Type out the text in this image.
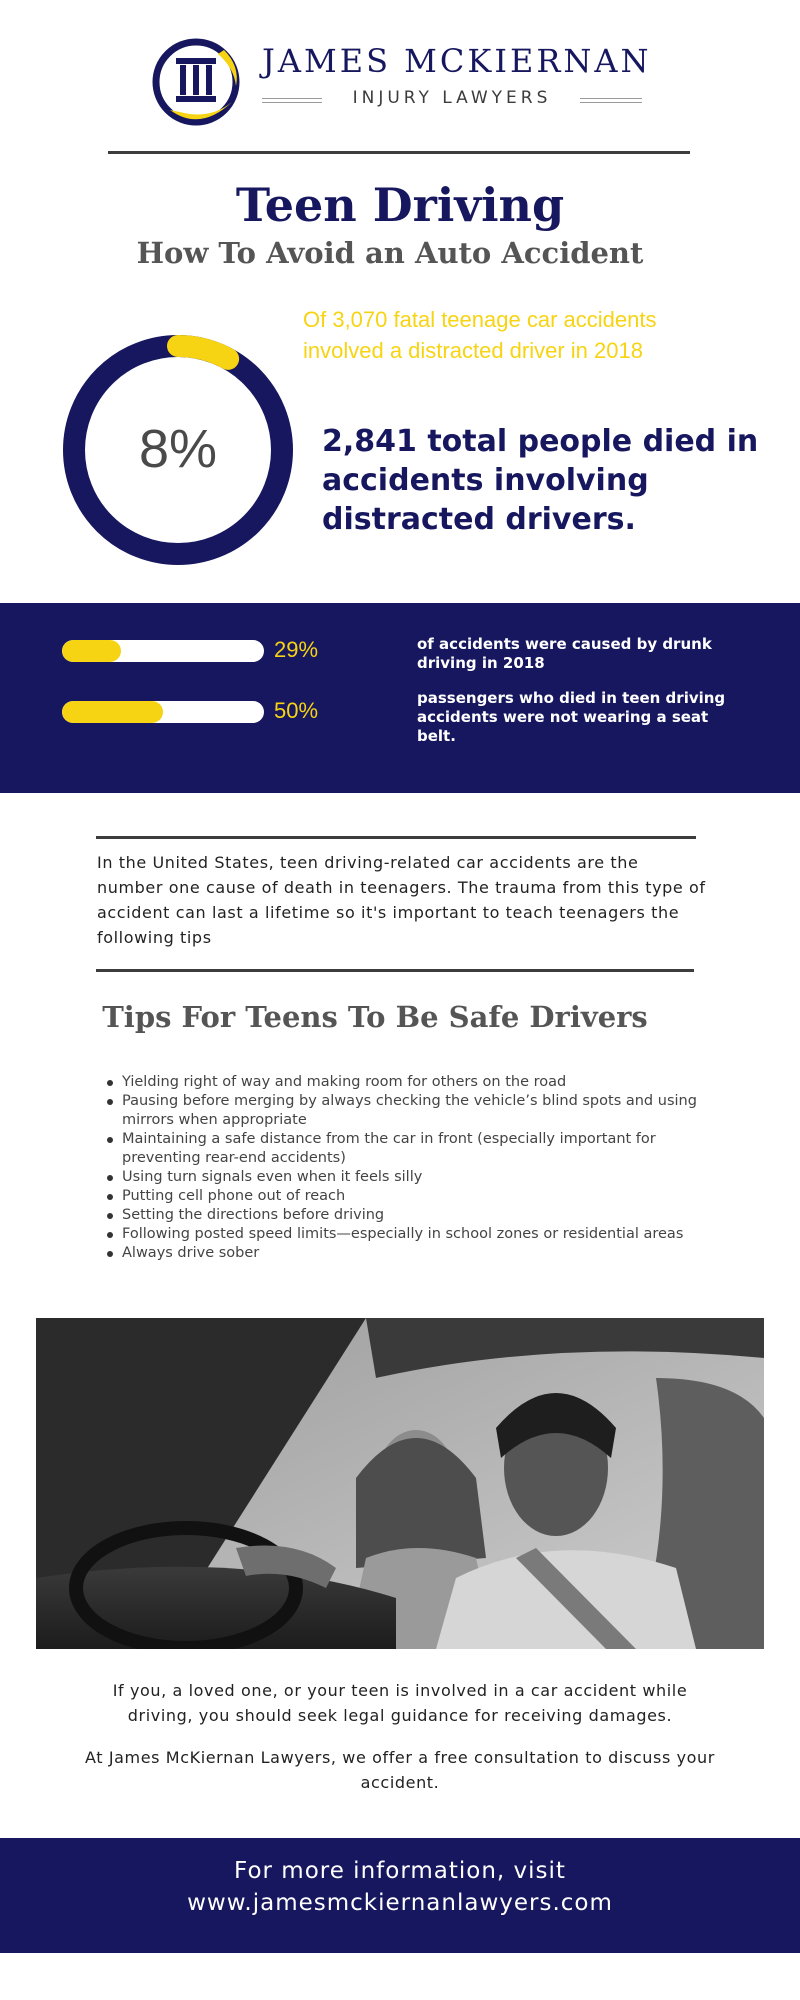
JAMES MCKIERNAN
INJURY LAWYERS
Teen Driving
How To Avoid an Auto Accident
8%
Of 3,070 fatal teenage car accidents involved a distracted driver in 2018
2,841 total people died in accidents involving distracted drivers.
29%	of accidents were caused by drunk driving in 2018
50%	passengers who died in teen driving accidents were not wearing a seat belt.

In the United States, teen driving-related car accidents are the number one cause of death in teenagers. The trauma from this type of accident can last a lifetime so it's important to teach teenagers the following tips

Tips For Teens To Be Safe Drivers
Yielding right of way and making room for others on the road
Pausing before merging by always checking the vehicle’s blind spots and using mirrors when appropriate
Maintaining a safe distance from the car in front (especially important for preventing rear-end accidents)
Using turn signals even when it feels silly
Putting cell phone out of reach
Setting the directions before driving
Following posted speed limits—especially in school zones or residential areas
Always drive sober

If you, a loved one, or your teen is involved in a car accident while driving, you should seek legal guidance for receiving damages.

At James McKiernan Lawyers, we offer a free consultation to discuss your accident.

For more information, visit
www.jamesmckiernanlawyers.com
